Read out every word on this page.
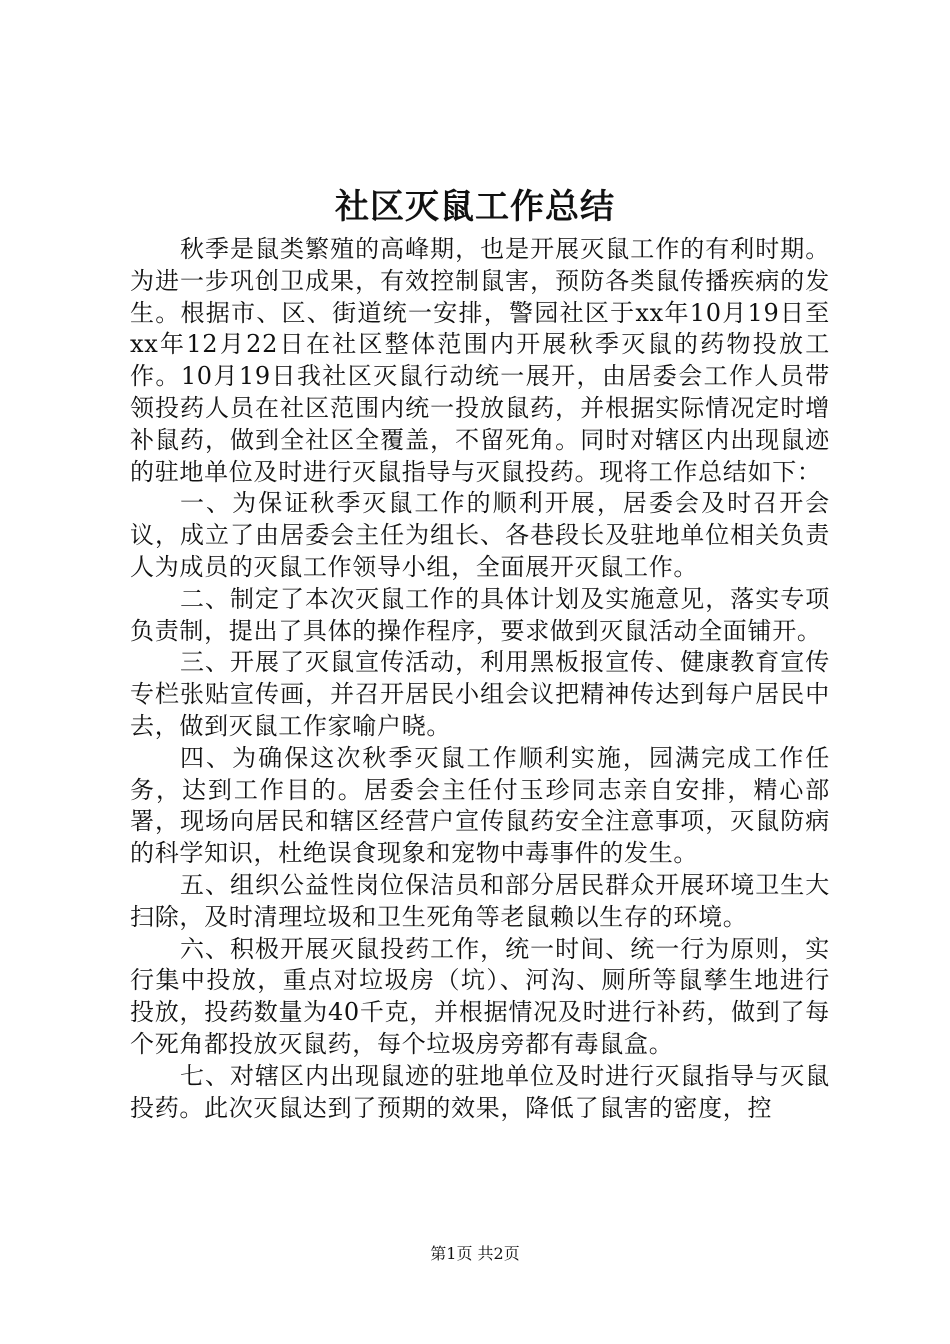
社区灭鼠工作总结

秋季是鼠类繁殖的高峰期，也是开展灭鼠工作的有利时期。为进一步巩创卫成果，有效控制鼠害，预防各类鼠传播疾病的发生。根据市、区、街道统一安排，警园社区于xx年10月19日至xx年12月22日在社区整体范围内开展秋季灭鼠的药物投放工作。10月19日我社区灭鼠行动统一展开，由居委会工作人员带领投药人员在社区范围内统一投放鼠药，并根据实际情况定时增补鼠药，做到全社区全覆盖，不留死角。同时对辖区内出现鼠迹的驻地单位及时进行灭鼠指导与灭鼠投药。现将工作总结如下：

一、为保证秋季灭鼠工作的顺利开展，居委会及时召开会议，成立了由居委会主任为组长、各巷段长及驻地单位相关负责人为成员的灭鼠工作领导小组，全面展开灭鼠工作。

二、制定了本次灭鼠工作的具体计划及实施意见，落实专项负责制，提出了具体的操作程序，要求做到灭鼠活动全面铺开。

三、开展了灭鼠宣传活动，利用黑板报宣传、健康教育宣传专栏张贴宣传画，并召开居民小组会议把精神传达到每户居民中去，做到灭鼠工作家喻户晓。

四、为确保这次秋季灭鼠工作顺利实施，园满完成工作任务，达到工作目的。居委会主任付玉珍同志亲自安排，精心部署，现场向居民和辖区经营户宣传鼠药安全注意事项，灭鼠防病的科学知识，杜绝误食现象和宠物中毒事件的发生。

五、组织公益性岗位保洁员和部分居民群众开展环境卫生大扫除，及时清理垃圾和卫生死角等老鼠赖以生存的环境。

六、积极开展灭鼠投药工作，统一时间、统一行为原则，实行集中投放，重点对垃圾房（坑）、河沟、厕所等鼠孳生地进行投放，投药数量为40千克，并根据情况及时进行补药，做到了每个死角都投放灭鼠药，每个垃圾房旁都有毒鼠盒。

七、对辖区内出现鼠迹的驻地单位及时进行灭鼠指导与灭鼠投药。此次灭鼠达到了预期的效果，降低了鼠害的密度，控

第1页 共2页
